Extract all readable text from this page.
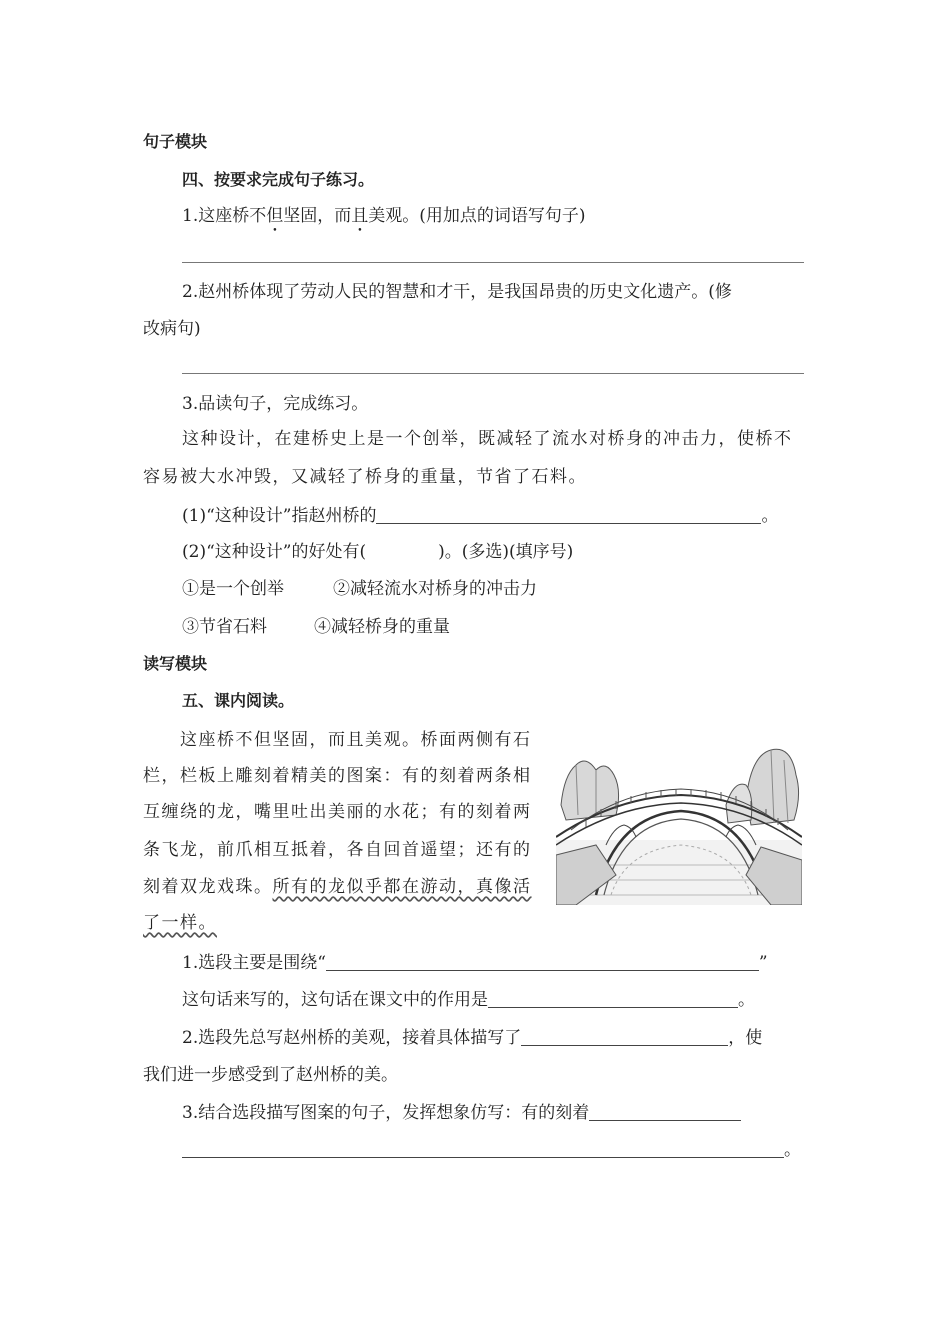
句子模块
四、按要求完成句子练习。
1.这座桥不但坚固，而且美观。(用加点的词语写句子)
2.赵州桥体现了劳动人民的智慧和才干，是我国昂贵的历史文化遗产。(修
改病句)
3.品读句子，完成练习。
这种设计，在建桥史上是一个创举，既减轻了流水对桥身的冲击力，使桥不
容易被大水冲毁，又减轻了桥身的重量，节省了石料。
(1)“这种设计”指赵州桥的	。
(2)“这种设计”的好处有(	)。(多选)(填序号)
①是一个创举	②减轻流水对桥身的冲击力
③节省石料	④减轻桥身的重量
读写模块
五、课内阅读。
这座桥不但坚固，而且美观。桥面两侧有石
栏，栏板上雕刻着精美的图案：有的刻着两条相
互缠绕的龙，嘴里吐出美丽的水花；有的刻着两
条飞龙，前爪相互抵着，各自回首遥望；还有的
刻着双龙戏珠。所有的龙似乎都在游动，真像活
了一样。
1.选段主要是围绕“	”
这句话来写的，这句话在课文中的作用是	。
2.选段先总写赵州桥的美观，接着具体描写了	，使
我们进一步感受到了赵州桥的美。
3.结合选段描写图案的句子，发挥想象仿写：有的刻着
。
